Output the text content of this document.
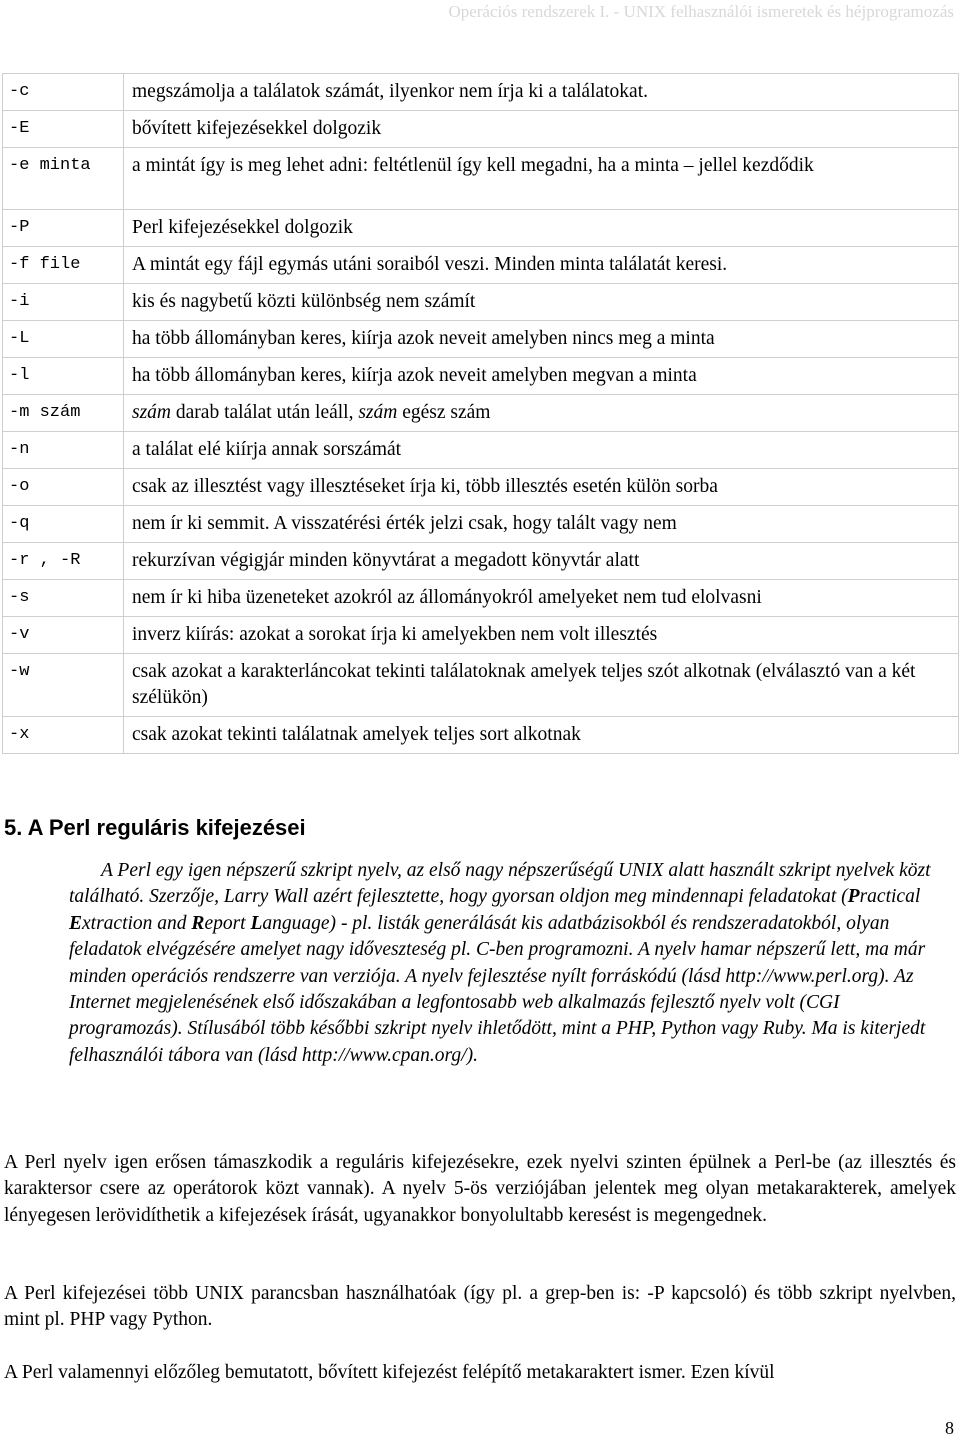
Operációs rendszerek I. - UNIX felhasználói ismeretek és héjprogramozás
-c	megszámolja a találatok számát, ilyenkor nem írja ki a találatokat.
-E	bővített kifejezésekkel dolgozik
-e minta	a mintát így is meg lehet adni: feltétlenül így kell megadni, ha a minta – jellel kezdődik
-P	Perl kifejezésekkel dolgozik
-f file	A mintát egy fájl egymás utáni soraiból veszi. Minden minta találatát keresi.
-i	kis és nagybetű közti különbség nem számít
-L	ha több állományban keres, kiírja azok neveit amelyben nincs meg a minta
-l	ha több állományban keres, kiírja azok neveit amelyben megvan a minta
-m szám	szám darab találat után leáll, szám egész szám
-n	a találat elé kiírja annak sorszámát
-o	csak az illesztést vagy illesztéseket írja ki, több illesztés esetén külön sorba
-q	nem ír ki semmit. A visszatérési érték jelzi csak, hogy talált vagy nem
-r , -R	rekurzívan végigjár minden könyvtárat a megadott könyvtár alatt
-s	nem ír ki hiba üzeneteket azokról az állományokról amelyeket nem tud elolvasni
-v	inverz kiírás: azokat a sorokat írja ki amelyekben nem volt illesztés
-w	csak azokat a karakterláncokat tekinti találatoknak amelyek teljes szót alkotnak (elválasztó van a két szélükön)
-x	csak azokat tekinti találatnak amelyek teljes sort alkotnak
5. A Perl reguláris kifejezései

A Perl egy igen népszerű szkript nyelv, az első nagy népszerűségű UNIX alatt használt szkript nyelvek közt található. Szerzője, Larry Wall azért fejlesztette, hogy gyorsan oldjon meg mindennapi feladatokat (Practical Extraction and Report Language) - pl. listák generálását kis adatbázisokból és rendszeradatokból, olyan feladatok elvégzésére amelyet nagy időveszteség pl. C-ben programozni. A nyelv hamar népszerű lett, ma már minden operációs rendszerre van verziója. A nyelv fejlesztése nyílt forráskódú (lásd http://www.perl.org). Az Internet megjelenésének első időszakában a legfontosabb web alkalmazás fejlesztő nyelv volt (CGI programozás). Stílusából több későbbi szkript nyelv ihletődött, mint a PHP, Python vagy Ruby. Ma is kiterjedt felhasználói tábora van (lásd http://www.cpan.org/).

A Perl nyelv igen erősen támaszkodik a reguláris kifejezésekre, ezek nyelvi szinten épülnek a Perl-be (az illesztés és karaktersor csere az operátorok közt vannak). A nyelv 5-ös verziójában jelentek meg olyan metakarakterek, amelyek lényegesen lerövidíthetik a kifejezések írását, ugyanakkor bonyolultabb keresést is megengednek.

A Perl kifejezései több UNIX parancsban használhatóak (így pl. a grep-ben is: -P kapcsoló) és több szkript nyelvben, mint pl. PHP vagy Python.

A Perl valamennyi előzőleg bemutatott, bővített kifejezést felépítő metakaraktert ismer. Ezen kívül

8
